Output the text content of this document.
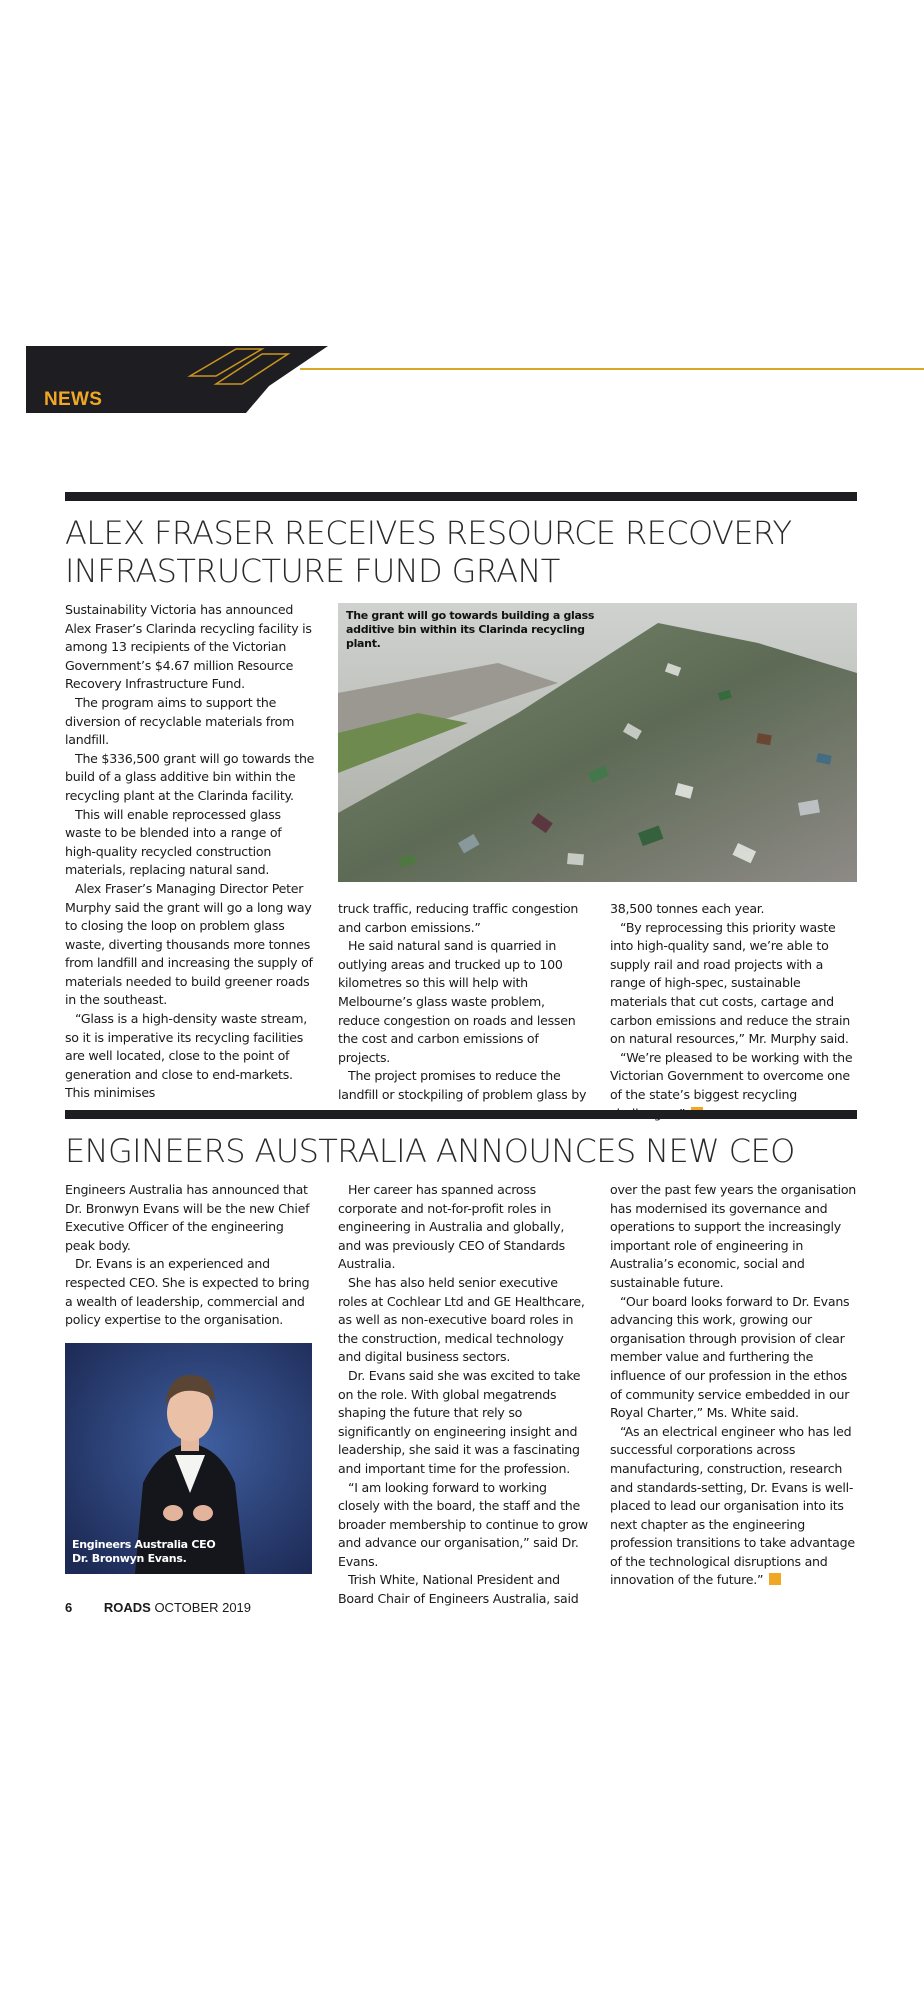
NEWS
ALEX FRASER RECEIVES RESOURCE RECOVERY
INFRASTRUCTURE FUND GRANT

Sustainability Victoria has announced Alex Fraser’s Clarinda recycling facility is among 13 recipients of the Victorian Government’s $4.67 million Resource Recovery Infrastructure Fund.

The program aims to support the diversion of recyclable materials from landfill.

The $336,500 grant will go towards the build of a glass additive bin within the recycling plant at the Clarinda facility.

This will enable reprocessed glass waste to be blended into a range of high-quality recycled construction materials, replacing natural sand.

Alex Fraser’s Managing Director Peter Murphy said the grant will go a long way to closing the loop on problem glass waste, diverting thousands more tonnes from landfill and increasing the supply of materials needed to build greener roads in the southeast.

“Glass is a high-density waste stream, so it is imperative its recycling facilities are well located, close to the point of generation and close to end-markets. This minimises

The grant will go towards building a glass additive bin within its Clarinda recycling plant.

truck traffic, reducing traffic congestion and carbon emissions.”

He said natural sand is quarried in outlying areas and trucked up to 100 kilometres so this will help with Melbourne’s glass waste problem, reduce congestion on roads and lessen the cost and carbon emissions of projects.

The project promises to reduce the landfill or stockpiling of problem glass by

38,500 tonnes each year.

“By reprocessing this priority waste into high-quality sand, we’re able to supply rail and road projects with a range of high-spec, sustainable materials that cut costs, cartage and carbon emissions and reduce the strain on natural resources,” Mr. Murphy said.

“We’re pleased to be working with the Victorian Government to overcome one of the state’s biggest recycling

ENGINEERS AUSTRALIA ANNOUNCES NEW CEO

Engineers Australia has announced that Dr. Bronwyn Evans will be the new Chief Executive Officer of the engineering peak body.

Dr. Evans is an experienced and respected CEO. She is expected to bring a wealth of leadership, commercial and policy expertise to the organisation.

Engineers Australia CEO
Dr. Bronwyn Evans.

Her career has spanned across corporate and not-for-profit roles in engineering in Australia and globally, and was previously CEO of Standards Australia.

She has also held senior executive roles at Cochlear Ltd and GE Healthcare, as well as non-executive board roles in the construction, medical technology and digital business sectors.

Dr. Evans said she was excited to take on the role. With global megatrends shaping the future that rely so significantly on engineering insight and leadership, she said it was a fascinating and important time for the profession.

“I am looking forward to working closely with the board, the staff and the broader membership to continue to grow and advance our organisation,” said Dr. Evans.

Trish White, National President and Board Chair of Engineers Australia, said

over the past few years the organisation has modernised its governance and operations to support the increasingly important role of engineering in Australia’s economic, social and sustainable future.

“Our board looks forward to Dr. Evans advancing this work, growing our organisation through provision of clear member value and furthering the influence of our profession in the ethos of community service embedded in our Royal Charter,” Ms. White said.

“As an electrical engineer who has led successful corporations across manufacturing, construction, research and standards-setting, Dr. Evans is well-placed to lead our organisation into its next chapter as the engineering profession transitions to take advantage of the technological disruptions and innovation of the future.”

6 ROADS OCTOBER 2019
